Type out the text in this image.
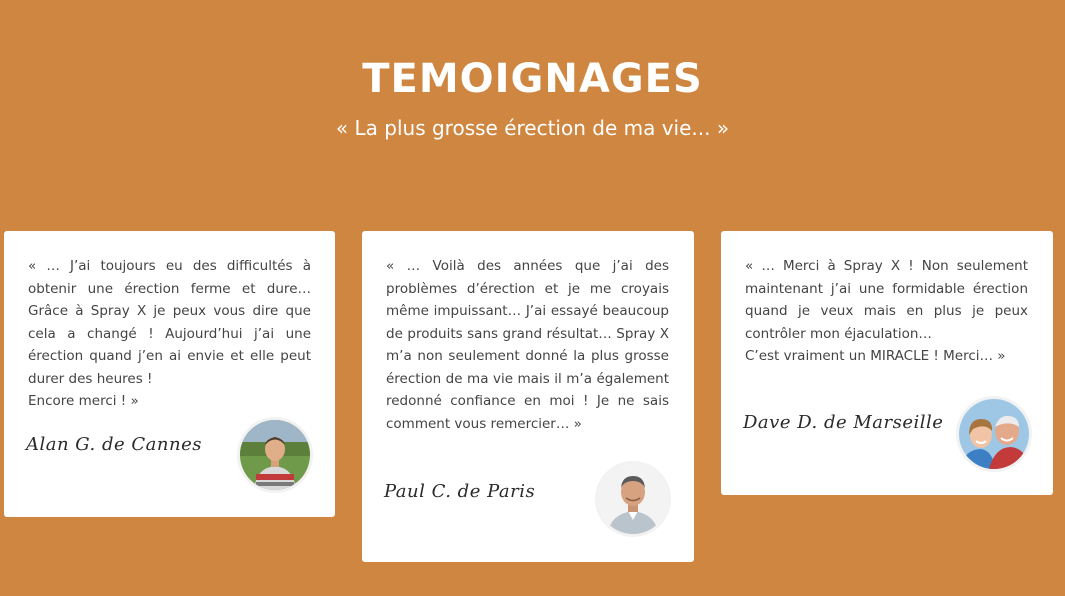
TEMOIGNAGES

« La plus grosse érection de ma vie... »

« … J’ai toujours eu des difficultés à obtenir une érection ferme et dure… Grâce à Spray X je peux vous dire que cela a changé ! Aujourd’hui j’ai une érection quand j’en ai envie et elle peut durer des heures !
Encore merci ! »

Alan G. de Cannes

« … Voilà des années que j’ai des problèmes d’érection et je me croyais même impuissant… J’ai essayé beaucoup de produits sans grand résultat… Spray X m’a non seulement donné la plus grosse érection de ma vie mais il m’a également redonné confiance en moi ! Je ne sais comment vous remercier… »

Paul C. de Paris

« … Merci à Spray X ! Non seulement maintenant j’ai une formidable érection quand je veux mais en plus je peux contrôler mon éjaculation…
C’est vraiment un MIRACLE ! Merci… »

Dave D. de Marseille
